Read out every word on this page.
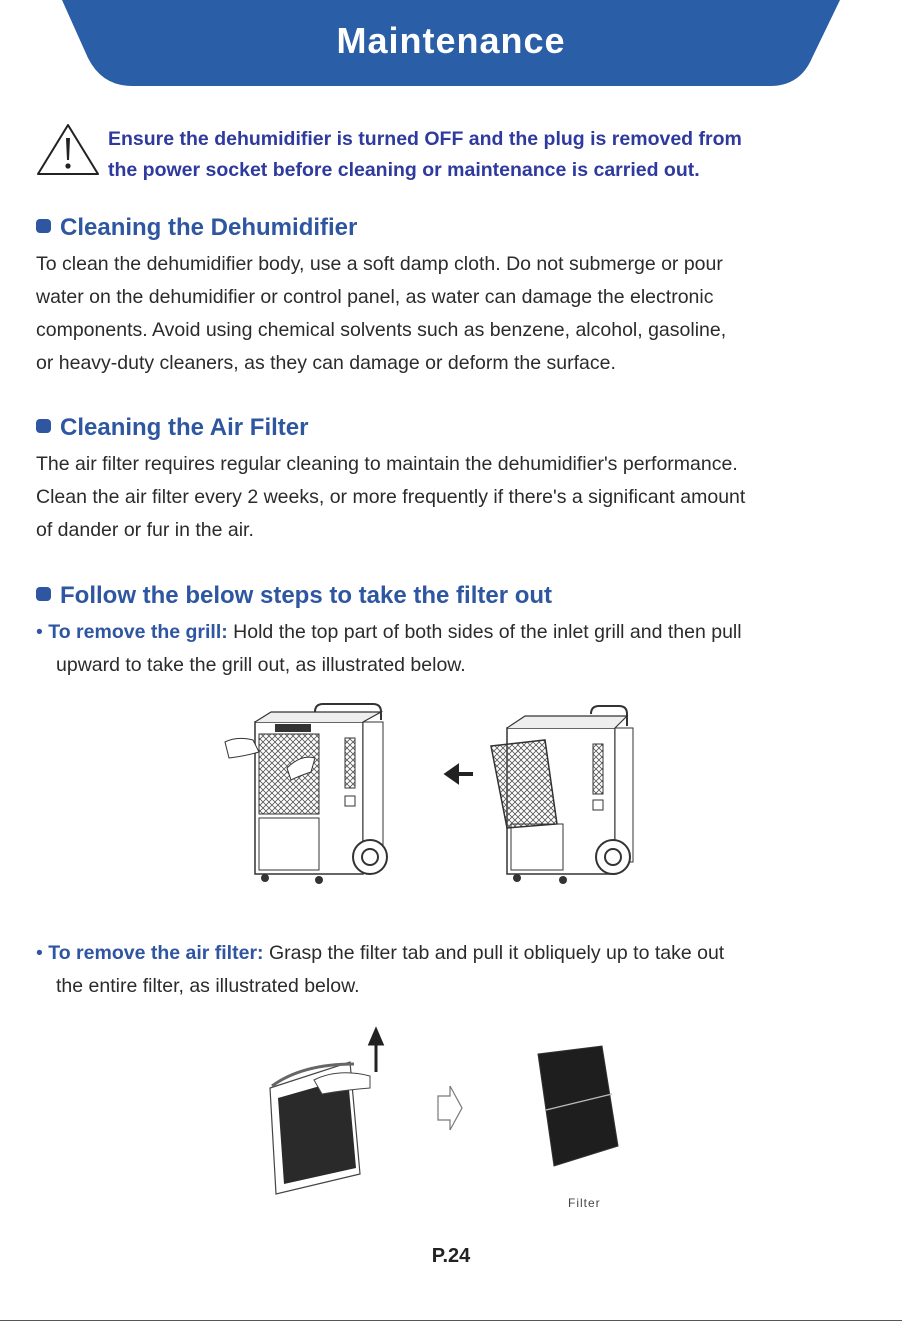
Maintenance
Ensure the dehumidifier is turned OFF and the plug is removed from
the power socket before cleaning or maintenance is carried out.
Cleaning the Dehumidifier
To clean the dehumidifier body, use a soft damp cloth. Do not submerge or pour
water on the dehumidifier or control panel, as water can damage the electronic
components. Avoid using chemical solvents such as benzene, alcohol, gasoline,
or heavy-duty cleaners, as they can damage or deform the surface.
Cleaning the Air Filter
The air filter requires regular cleaning to maintain the dehumidifier's performance.
Clean the air filter every 2 weeks, or more frequently if there's a significant amount
of dander or fur in the air.
Follow the below steps to take the filter out
• To remove the grill: Hold the top part of both sides of the inlet grill and then pull
upward to take the grill out, as illustrated below.
• To remove the air filter: Grasp the filter tab and pull it obliquely up to take out
the entire filter, as illustrated below.
Filter
P.24
